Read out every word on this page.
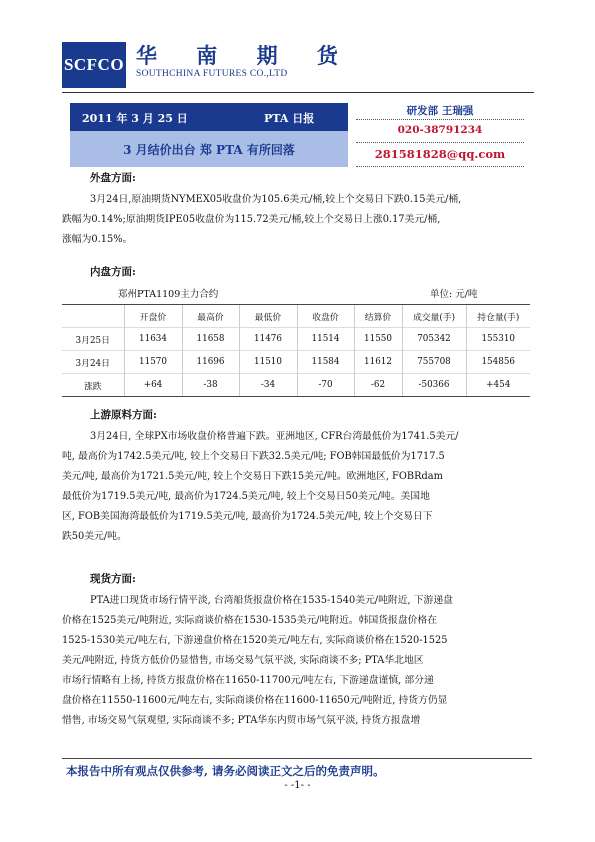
SCFCO 华 南 期 货
SOUTHCHINA FUTURES CO.,LTD
2011 年 3 月 25 日	PTA 日报
3 月结价出台 郑 PTA 有所回落
研发部 王瑞强
020-38791234
281581828@qq.com
外盘方面:
3月24日,原油期货NYMEX05收盘价为105.6美元/桶,较上个交易日下跌0.15美元/桶,
跌幅为0.14%;原油期货IPE05收盘价为115.72美元/桶,较上个交易日上涨0.17美元/桶,
涨幅为0.15%。
内盘方面:
郑州PTA1109主力合约	单位: 元/吨
	开盘价	最高价	最低价	收盘价	结算价	成交量(手)	持仓量(手)
3月25日	11634	11658	11476	11514	11550	705342	155310
3月24日	11570	11696	11510	11584	11612	755708	154856
涨跌	+64	-38	-34	-70	-62	-50366	+454
上游原料方面:
3月24日, 全球PX市场收盘价格普遍下跌。亚洲地区, CFR台湾最低价为1741.5美元/
吨, 最高价为1742.5美元/吨, 较上个交易日下跌32.5美元/吨; FOB韩国最低价为1717.5
美元/吨, 最高价为1721.5美元/吨, 较上个交易日下跌15美元/吨。欧洲地区, FOBRdam
最低价为1719.5美元/吨, 最高价为1724.5美元/吨, 较上个交易日50美元/吨。美国地
区, FOB美国海湾最低价为1719.5美元/吨, 最高价为1724.5美元/吨, 较上个交易日下
跌50美元/吨。
现货方面:
PTA进口现货市场行情平淡, 台湾船货报盘价格在1535-1540美元/吨附近, 下游递盘
价格在1525美元/吨附近, 实际商谈价格在1530-1535美元/吨附近。韩国货报盘价格在
1525-1530美元/吨左右, 下游递盘价格在1520美元/吨左右, 实际商谈价格在1520-1525
美元/吨附近, 持货方低价仍显惜售, 市场交易气氛平淡, 实际商谈不多; PTA华北地区
市场行情略有上扬, 持货方报盘价格在11650-11700元/吨左右, 下游递盘谨慎, 部分递
盘价格在11550-11600元/吨左右, 实际商谈价格在11600-11650元/吨附近, 持货方仍显
惜售, 市场交易气氛观望, 实际商谈不多; PTA华东内贸市场气氛平淡, 持货方报盘增
本报告中所有观点仅供参考, 请务必阅读正文之后的免责声明。
- -1- -
